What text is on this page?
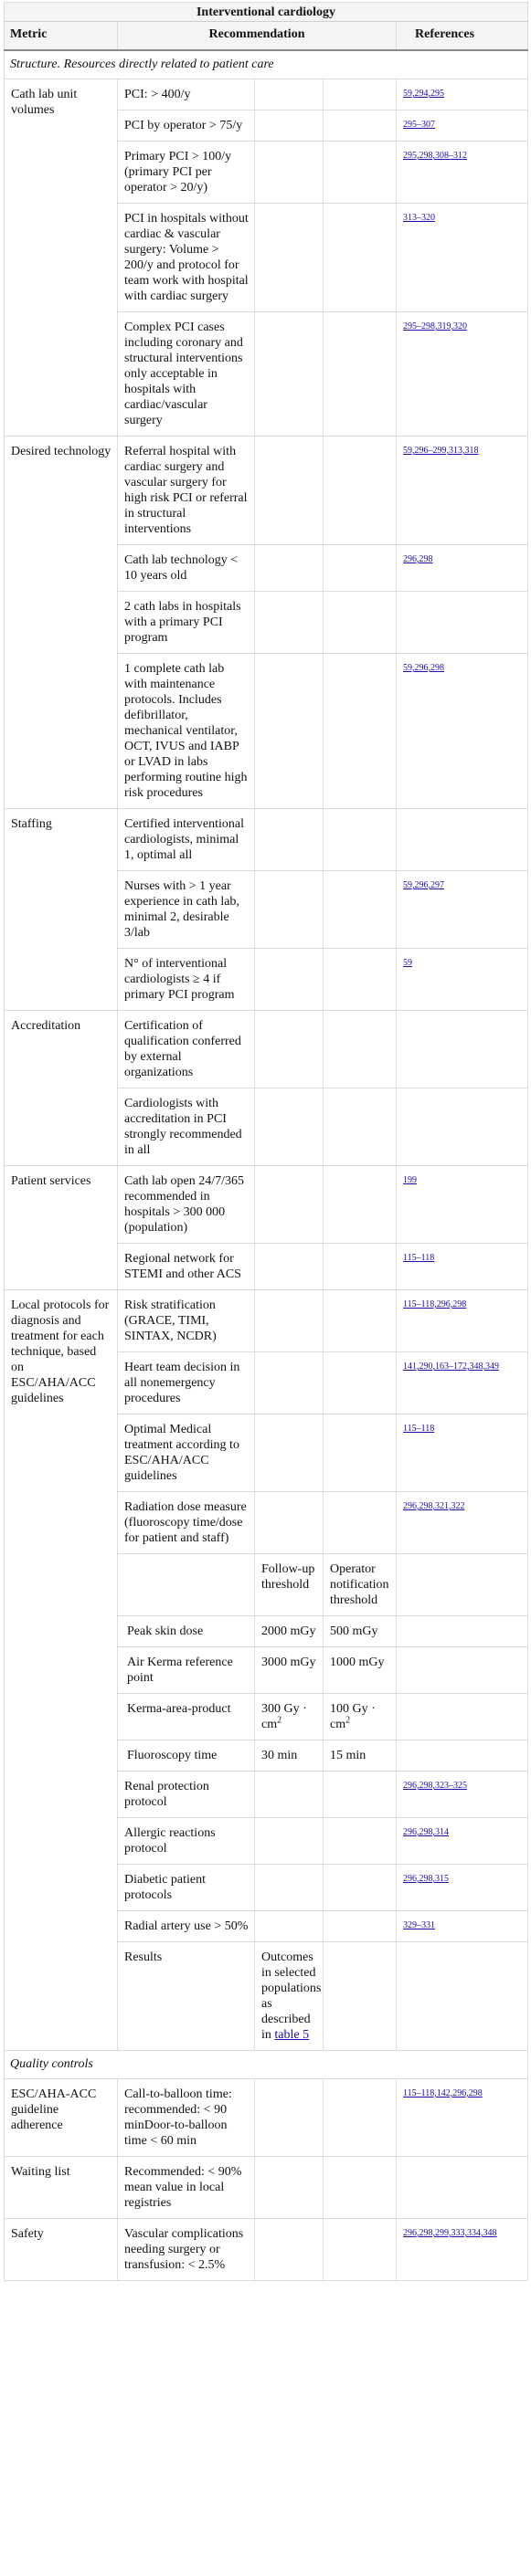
Interventional cardiology					
Metric	Recommendation			References	
Structure. Resources directly related to patient care					
Cath lab unit volumes	PCI: > 400/y			59,294,295	
	PCI by operator > 75/y			295–307	
	Primary PCI > 100/y (primary PCI per operator > 20/y)			295,298,308–312	
	PCI in hospitals without cardiac & vascular surgery: Volume > 200/y and protocol for team work with hospital with cardiac surgery			313–320	
	Complex PCI cases including coronary and structural interventions only acceptable in hospitals with cardiac/vascular surgery			295–298,319,320	
Desired technology	Referral hospital with cardiac surgery and vascular surgery for high risk PCI or referral in structural interventions			59,296–299,313,318	
	Cath lab technology < 10 years old			296,298	
	2 cath labs in hospitals with a primary PCI program				
	1 complete cath lab with maintenance protocols. Includes defibrillator, mechanical ventilator, OCT, IVUS and IABP or LVAD in labs performing routine high risk procedures			59,296,298	
Staffing	Certified interventional cardiologists, minimal 1, optimal all				
	Nurses with > 1 year experience in cath lab, minimal 2, desirable 3/lab			59,296,297	
	N° of interventional cardiologists ≥ 4 if primary PCI program			59	
Accreditation	Certification of qualification conferred by external organizations				
	Cardiologists with accreditation in PCI strongly recommended in all				
Patient services	Cath lab open 24/7/365 recommended in hospitals > 300 000 (population)			199	
	Regional network for STEMI and other ACS			115–118	
Local protocols for diagnosis and treatment for each technique, based on ESC/AHA/ACC guidelines	Risk stratification (GRACE, TIMI, SINTAX, NCDR)			115–118,296,298	
	Heart team decision in all nonemergency procedures			141,290,163–172,348,349	
	Optimal Medical treatment according to ESC/AHA/ACC guidelines			115–118	
	Radiation dose measure (fluoroscopy time/dose for patient and staff)			296,298,321,322	
		Follow-up threshold	Operator notification threshold		
	Peak skin dose	2000 mGy	500 mGy		
	Air Kerma reference point	3000 mGy	1000 mGy		
	Kerma-area-product	300 $Gy \cdot cm^2$	100 $Gy \cdot cm^2$	
	Fluoroscopy time	30 min	15 min		
	Renal protection protocol			296,298,323–325	
	Allergic reactions protocol			296,298,314	
	Diabetic patient protocols			296,298,315	
	Radial artery use > 50%			329–331	
	Results	Outcomes in selected populations as described in table 5			
Quality controls					
ESC/AHA-ACC guideline adherence	Call-to-balloon time: recommended: < 90 minDoor-to-balloon time < 60 min			115–118,142,296,298	
Waiting list	Recommended: < 90% mean value in local registries				
Safety	Vascular complications needing surgery or transfusion: < 2.5%			296,298,299,333,334,348	
